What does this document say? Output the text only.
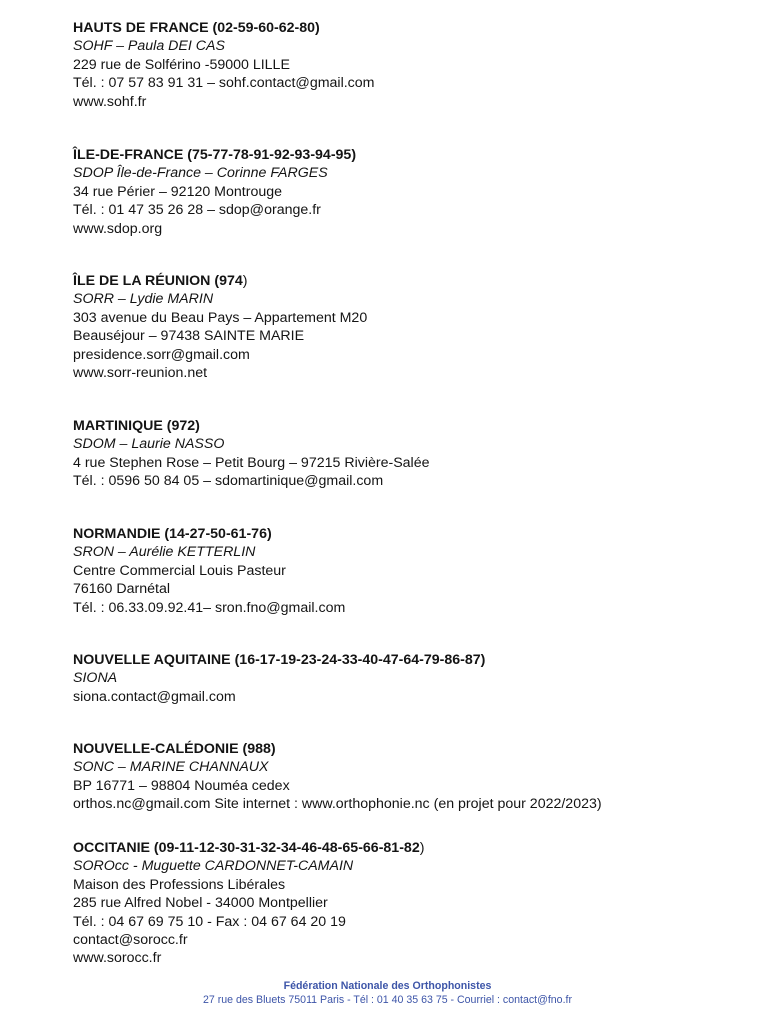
HAUTS DE FRANCE (02-59-60-62-80)
SOHF – Paula DEI CAS
229 rue de Solférino -59000 LILLE
Tél. : 07 57 83 91 31 – sohf.contact@gmail.com
www.sohf.fr
ÎLE-DE-FRANCE (75-77-78-91-92-93-94-95)
SDOP Île-de-France – Corinne FARGES
34 rue Périer – 92120 Montrouge
Tél. : 01 47 35 26 28 – sdop@orange.fr
www.sdop.org
ÎLE DE LA RÉUNION (974)
SORR – Lydie MARIN
303 avenue du Beau Pays – Appartement M20
Beauséjour – 97438 SAINTE MARIE
presidence.sorr@gmail.com
www.sorr-reunion.net
MARTINIQUE (972)
SDOM – Laurie NASSO
4 rue Stephen Rose – Petit Bourg – 97215 Rivière-Salée
Tél. : 0596 50 84 05 – sdomartinique@gmail.com
NORMANDIE (14-27-50-61-76)
SRON – Aurélie KETTERLIN
Centre Commercial Louis Pasteur
76160 Darnétal
Tél. : 06.33.09.92.41– sron.fno@gmail.com
NOUVELLE AQUITAINE (16-17-19-23-24-33-40-47-64-79-86-87)
SIONA
siona.contact@gmail.com
NOUVELLE-CALÉDONIE (988)
SONC – MARINE CHANNAUX
BP 16771 – 98804 Nouméa cedex
orthos.nc@gmail.com Site internet : www.orthophonie.nc (en projet pour 2022/2023)
OCCITANIE (09-11-12-30-31-32-34-46-48-65-66-81-82)
SOROcc - Muguette CARDONNET-CAMAIN
Maison des Professions Libérales
285 rue Alfred Nobel - 34000 Montpellier
Tél. : 04 67 69 75 10 - Fax : 04 67 64 20 19
contact@sorocc.fr
www.sorocc.fr
Fédération Nationale des Orthophonistes
27 rue des Bluets 75011 Paris - Tél : 01 40 35 63 75 - Courriel : contact@fno.fr
